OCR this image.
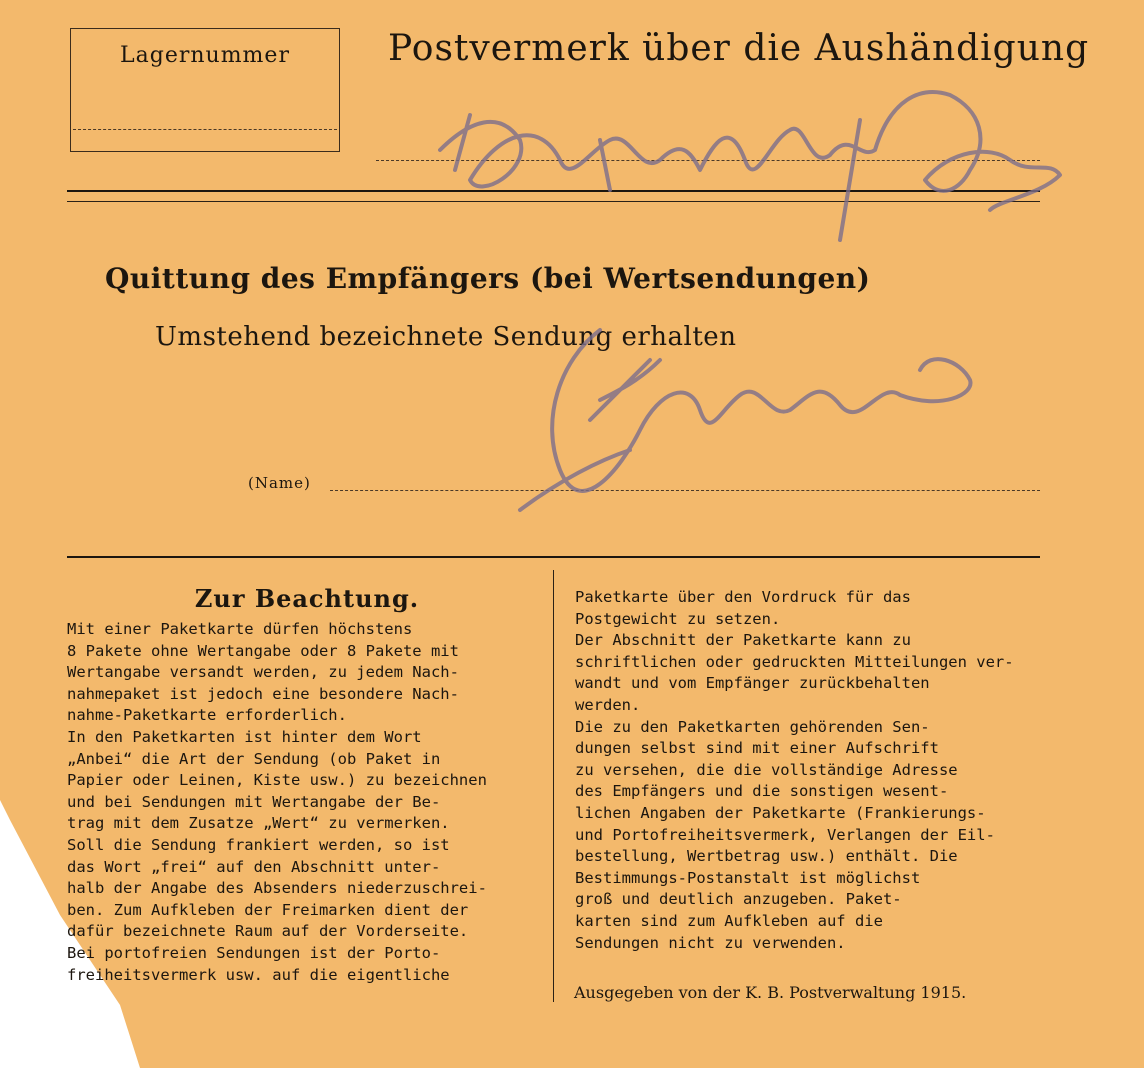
Lagernummer	Postvermerk über die Aushändigung
Quittung des Empfängers (bei Wertsendungen)
Umstehend bezeichnete Sendung erhalten
(Name)
Zur Beachtung.
Mit einer Paketkarte dürfen höchstens
8 Pakete ohne Wertangabe oder 8 Pakete mit
Wertangabe versandt werden, zu jedem Nach-
nahmepaket ist jedoch eine besondere Nach-
nahme-Paketkarte erforderlich.
In den Paketkarten ist hinter dem Wort
„Anbei“ die Art der Sendung (ob Paket in
Papier oder Leinen, Kiste usw.) zu bezeichnen
und bei Sendungen mit Wertangabe der Be-
trag mit dem Zusatze „Wert“ zu vermerken.
Soll die Sendung frankiert werden, so ist
das Wort „frei“ auf den Abschnitt unter-
halb der Angabe des Absenders niederzuschrei-
ben. Zum Aufkleben der Freimarken dient der
dafür bezeichnete Raum auf der Vorderseite.
Bei portofreien Sendungen ist der Porto-
freiheitsvermerk usw. auf die eigentliche
Paketkarte über den Vordruck für das
Postgewicht zu setzen.
Der Abschnitt der Paketkarte kann zu
schriftlichen oder gedruckten Mitteilungen ver-
wandt und vom Empfänger zurückbehalten
werden.
Die zu den Paketkarten gehörenden Sen-
dungen selbst sind mit einer Aufschrift
zu versehen, die die vollständige Adresse
des Empfängers und die sonstigen wesent-
lichen Angaben der Paketkarte (Frankierungs-
und Portofreiheitsvermerk, Verlangen der Eil-
bestellung, Wertbetrag usw.) enthält. Die
Bestimmungs-Postanstalt ist möglichst
groß und deutlich anzugeben. Paket-
karten sind zum Aufkleben auf die
Sendungen nicht zu verwenden.
Ausgegeben von der K. B. Postverwaltung 1915.
